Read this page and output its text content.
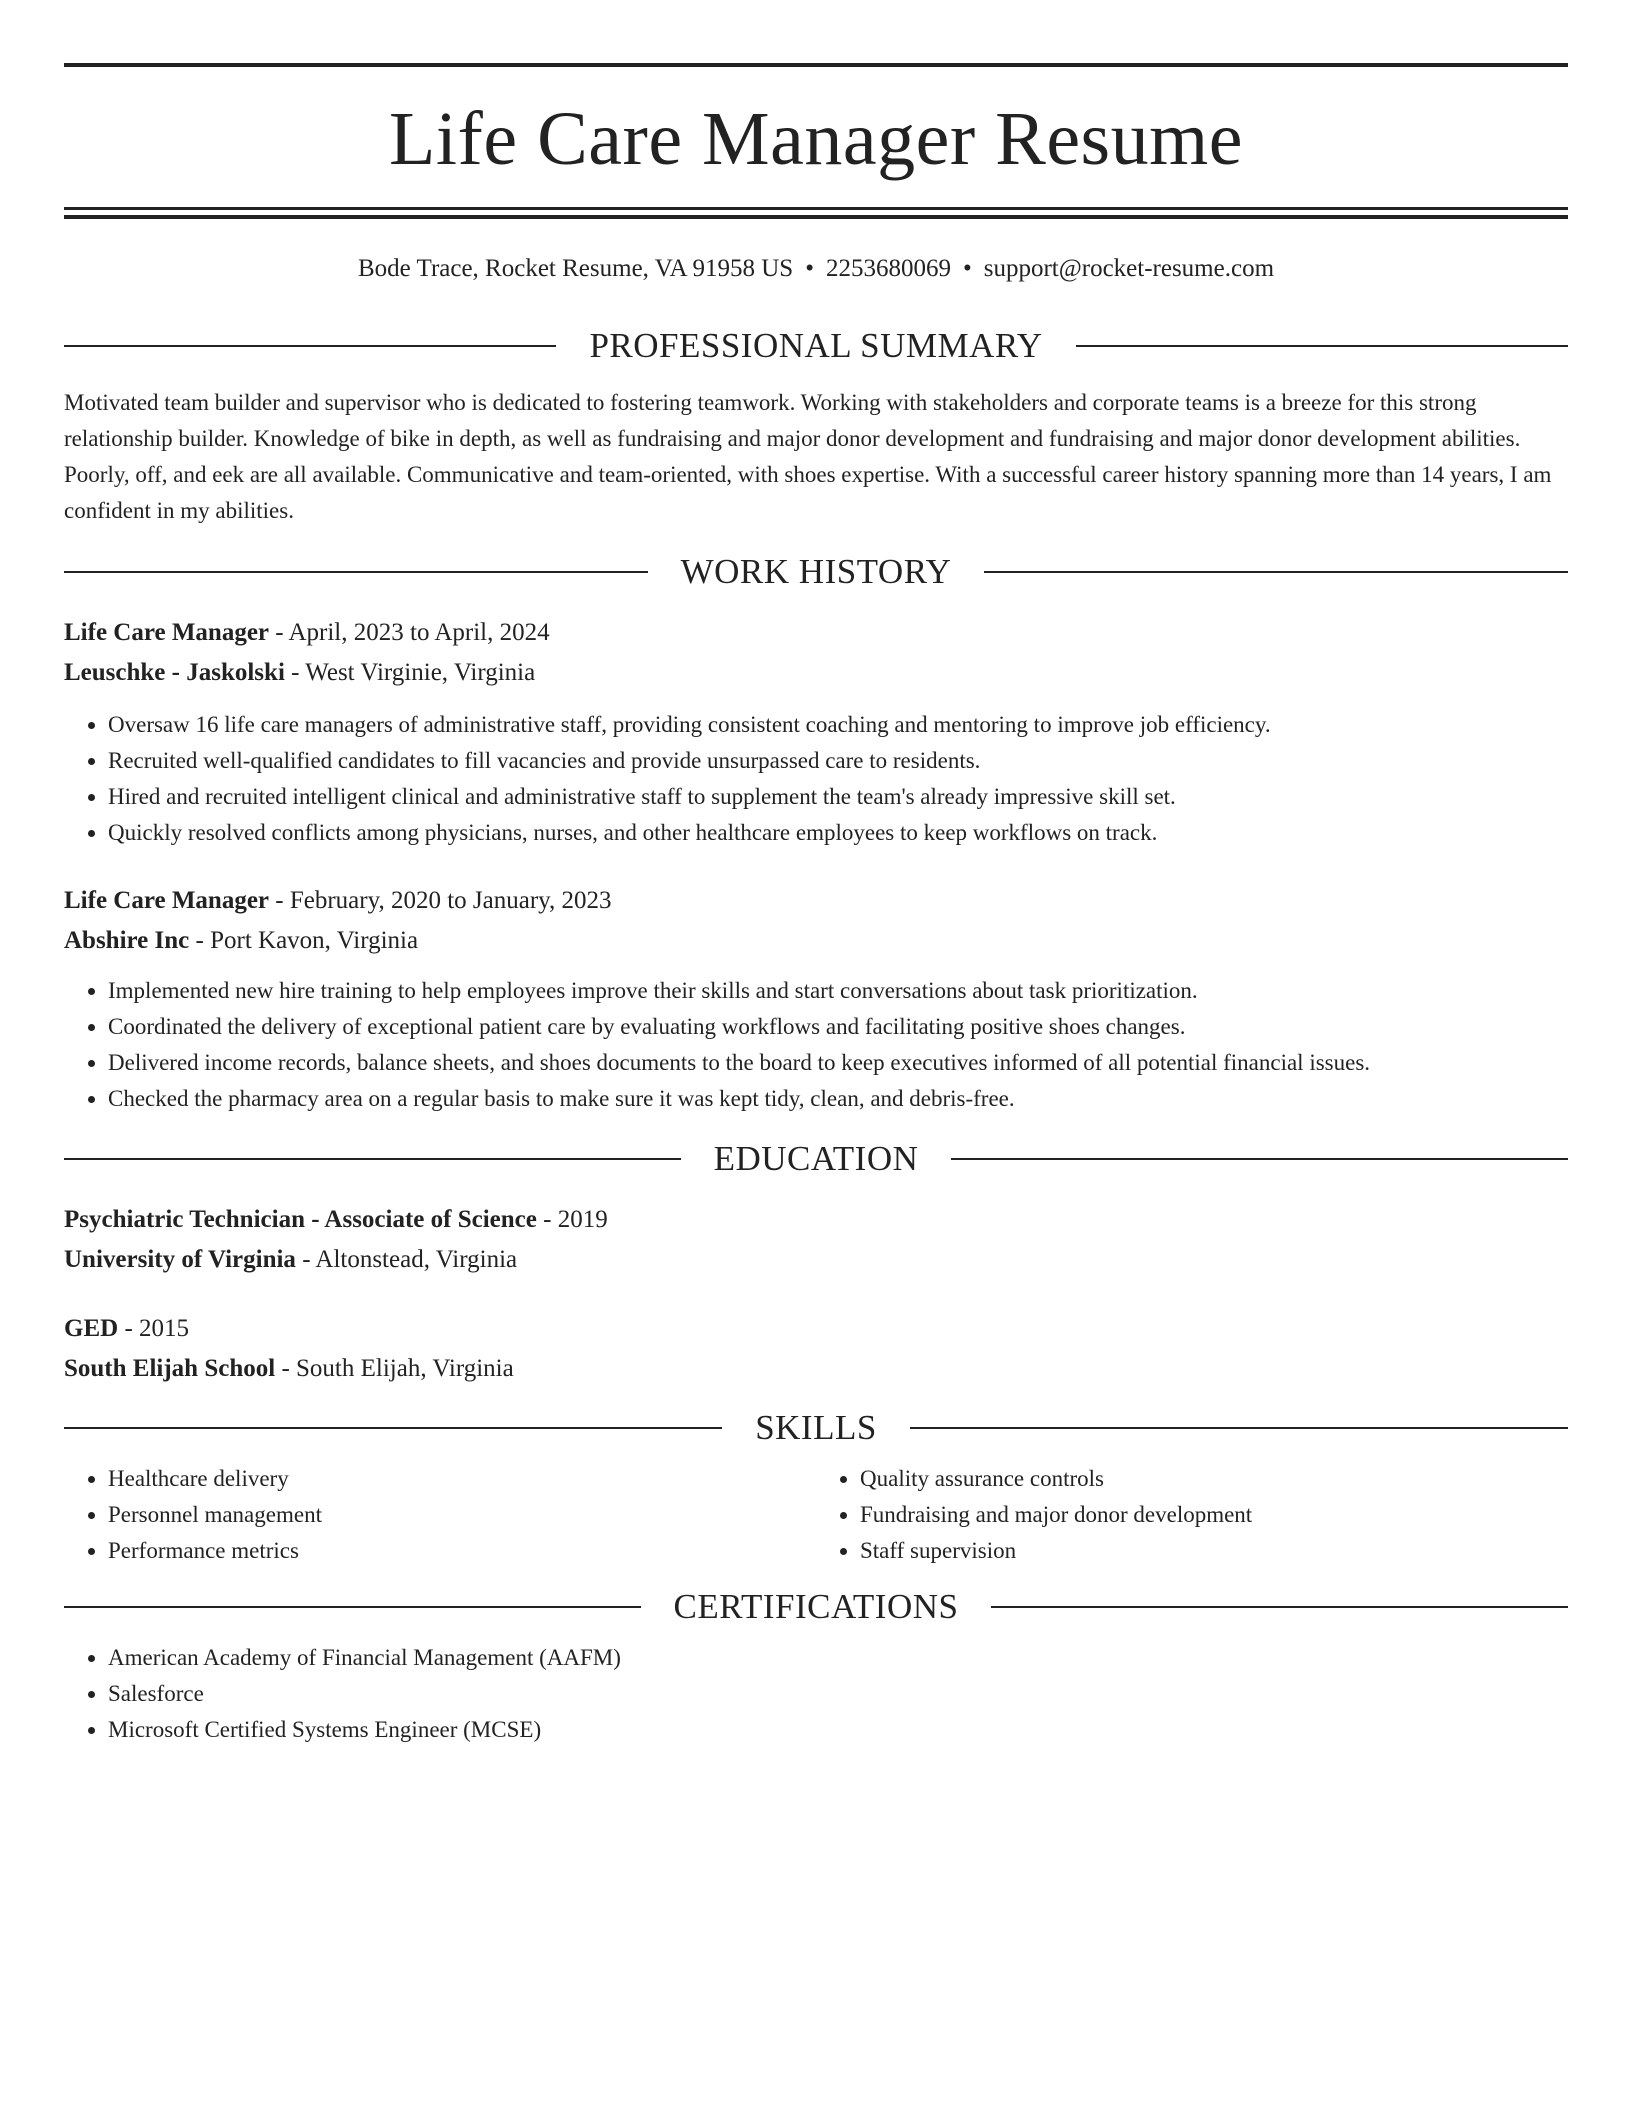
Life Care Manager Resume
Bode Trace, Rocket Resume, VA 91958 US • 2253680069 • support@rocket-resume.com
PROFESSIONAL SUMMARY

Motivated team builder and supervisor who is dedicated to fostering teamwork. Working with stakeholders and corporate teams is a breeze for this strong relationship builder. Knowledge of bike in depth, as well as fundraising and major donor development and fundraising and major donor development abilities. Poorly, off, and eek are all available. Communicative and team-oriented, with shoes expertise. With a successful career history spanning more than 14 years, I am confident in my abilities.

WORK HISTORY
Life Care Manager - April, 2023 to April, 2024
Leuschke - Jaskolski - West Virginie, Virginia
• Oversaw 16 life care managers of administrative staff, providing consistent coaching and mentoring to improve job efficiency.
• Recruited well-qualified candidates to fill vacancies and provide unsurpassed care to residents.
• Hired and recruited intelligent clinical and administrative staff to supplement the team's already impressive skill set.
• Quickly resolved conflicts among physicians, nurses, and other healthcare employees to keep workflows on track.
Life Care Manager - February, 2020 to January, 2023
Abshire Inc - Port Kavon, Virginia
• Implemented new hire training to help employees improve their skills and start conversations about task prioritization.
• Coordinated the delivery of exceptional patient care by evaluating workflows and facilitating positive shoes changes.
• Delivered income records, balance sheets, and shoes documents to the board to keep executives informed of all potential financial issues.
• Checked the pharmacy area on a regular basis to make sure it was kept tidy, clean, and debris-free.
EDUCATION
Psychiatric Technician - Associate of Science - 2019
University of Virginia - Altonstead, Virginia
GED - 2015
South Elijah School - South Elijah, Virginia
SKILLS
• Healthcare delivery
• Personnel management
• Performance metrics
• Quality assurance controls
• Fundraising and major donor development
• Staff supervision
CERTIFICATIONS
• American Academy of Financial Management (AAFM)
• Salesforce
• Microsoft Certified Systems Engineer (MCSE)
